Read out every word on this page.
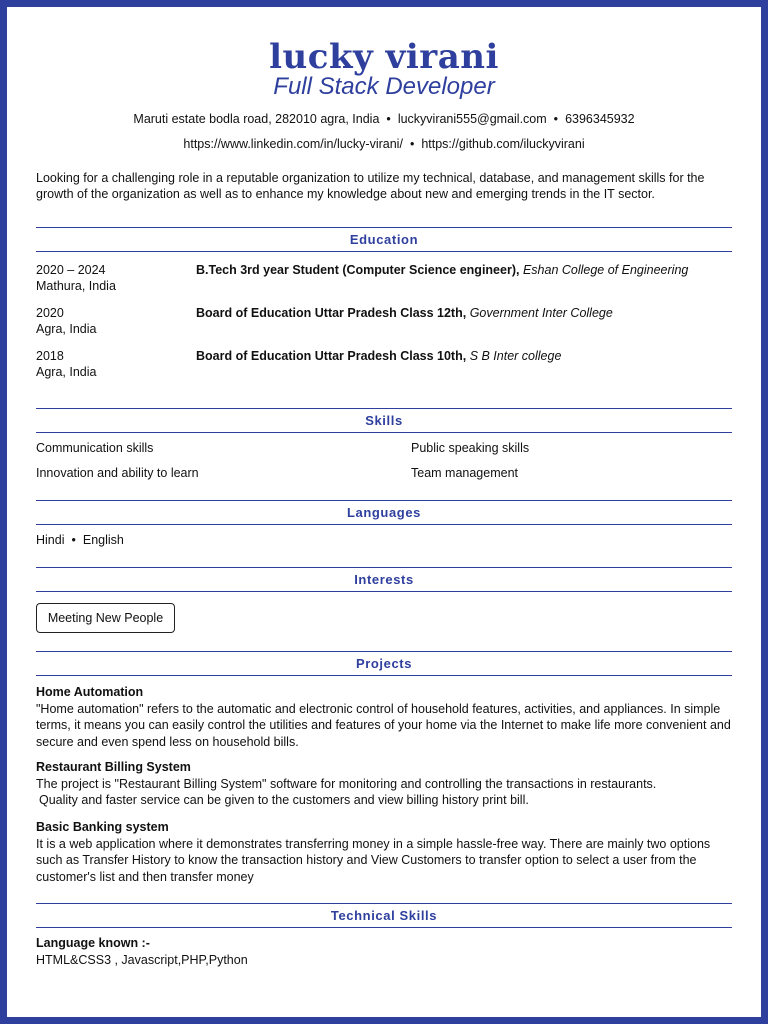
lucky virani
Full Stack Developer
Maruti estate bodla road, 282010 agra, India • luckyvirani555@gmail.com • 6396345932
https://www.linkedin.com/in/lucky-virani/ • https://github.com/iluckyvirani
Looking for a challenging role in a reputable organization to utilize my technical, database, and management skills for the growth of the organization as well as to enhance my knowledge about new and emerging trends in the IT sector.
Education
2020 – 2024
Mathura, India
B.Tech 3rd year Student (Computer Science engineer), Eshan College of Engineering
2020
Agra, India
Board of Education Uttar Pradesh Class 12th, Government Inter College
2018
Agra, India
Board of Education Uttar Pradesh Class 10th, S B Inter college
Skills
Communication skills	Public speaking skills
Innovation and ability to learn	Team management
Languages
Hindi • English
Interests
Meeting New People
Projects
Home Automation
"Home automation" refers to the automatic and electronic control of household features, activities, and appliances. In simple terms, it means you can easily control the utilities and features of your home via the Internet to make life more convenient and secure and even spend less on household bills.
Restaurant Billing System
The project is "Restaurant Billing System" software for monitoring and controlling the transactions in restaurants.
Quality and faster service can be given to the customers and view billing history print bill.
Basic Banking system
It is a web application where it demonstrates transferring money in a simple hassle-free way. There are mainly two options such as Transfer History to know the transaction history and View Customers to transfer option to select a user from the customer's list and then transfer money
Technical Skills
Language known :-
HTML&CSS3 , Javascript,PHP,Python
